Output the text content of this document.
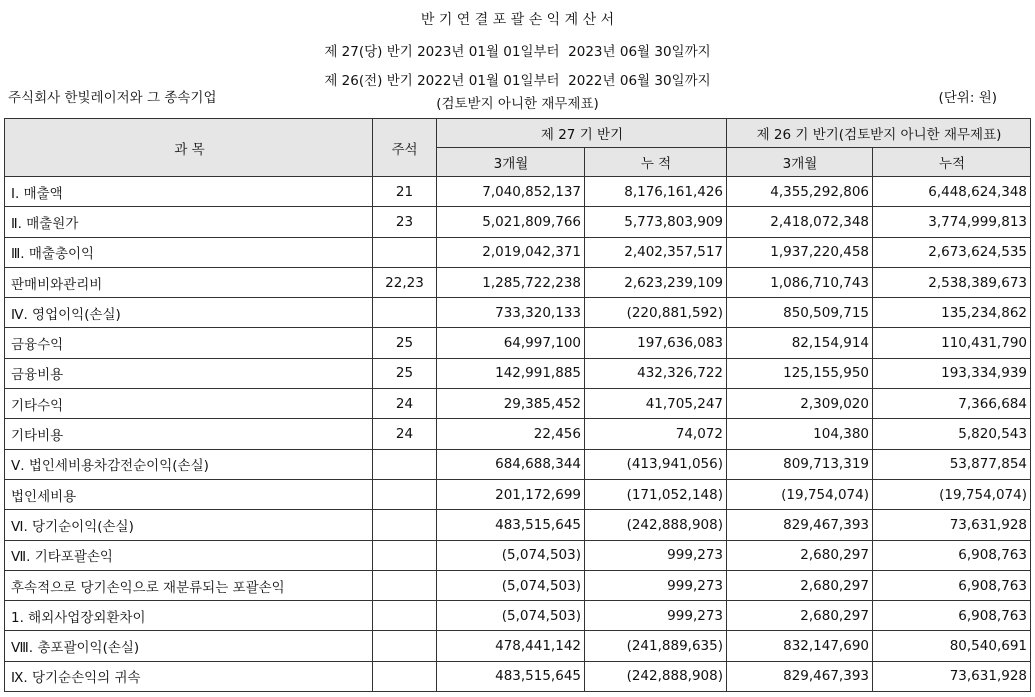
반 기 연 결 포 괄 손 익 계 산 서
제 27(당) 반기 2023년 01월 01일부터  2023년 06월 30일까지
제 26(전) 반기 2022년 01월 01일부터  2022년 06월 30일까지
(검토받지 아니한 재무제표)
주식회사 한빛레이저와 그 종속기업	(단위: 원)
과 목	주석	제 27 기 반기		제 26 기 반기(검토받지 아니한 재무제표)	
		3개월	누 적	3개월	누적
Ⅰ. 매출액	21	7,040,852,137	8,176,161,426	4,355,292,806	6,448,624,348
Ⅱ. 매출원가	23	5,021,809,766	5,773,803,909	2,418,072,348	3,774,999,813
Ⅲ. 매출총이익		2,019,042,371	2,402,357,517	1,937,220,458	2,673,624,535
판매비와관리비	22,23	1,285,722,238	2,623,239,109	1,086,710,743	2,538,389,673
Ⅳ. 영업이익(손실)		733,320,133	(220,881,592)	850,509,715	135,234,862
금융수익	25	64,997,100	197,636,083	82,154,914	110,431,790
금융비용	25	142,991,885	432,326,722	125,155,950	193,334,939
기타수익	24	29,385,452	41,705,247	2,309,020	7,366,684
기타비용	24	22,456	74,072	104,380	5,820,543
Ⅴ. 법인세비용차감전순이익(손실)		684,688,344	(413,941,056)	809,713,319	53,877,854
법인세비용		201,172,699	(171,052,148)	(19,754,074)	(19,754,074)
Ⅵ. 당기순이익(손실)		483,515,645	(242,888,908)	829,467,393	73,631,928
Ⅶ. 기타포괄손익		(5,074,503)	999,273	2,680,297	6,908,763
후속적으로 당기손익으로 재분류되는 포괄손익		(5,074,503)	999,273	2,680,297	6,908,763
1. 해외사업장외환차이		(5,074,503)	999,273	2,680,297	6,908,763
Ⅷ. 총포괄이익(손실)		478,441,142	(241,889,635)	832,147,690	80,540,691
Ⅸ. 당기순손익의 귀속		483,515,645	(242,888,908)	829,467,393	73,631,928
